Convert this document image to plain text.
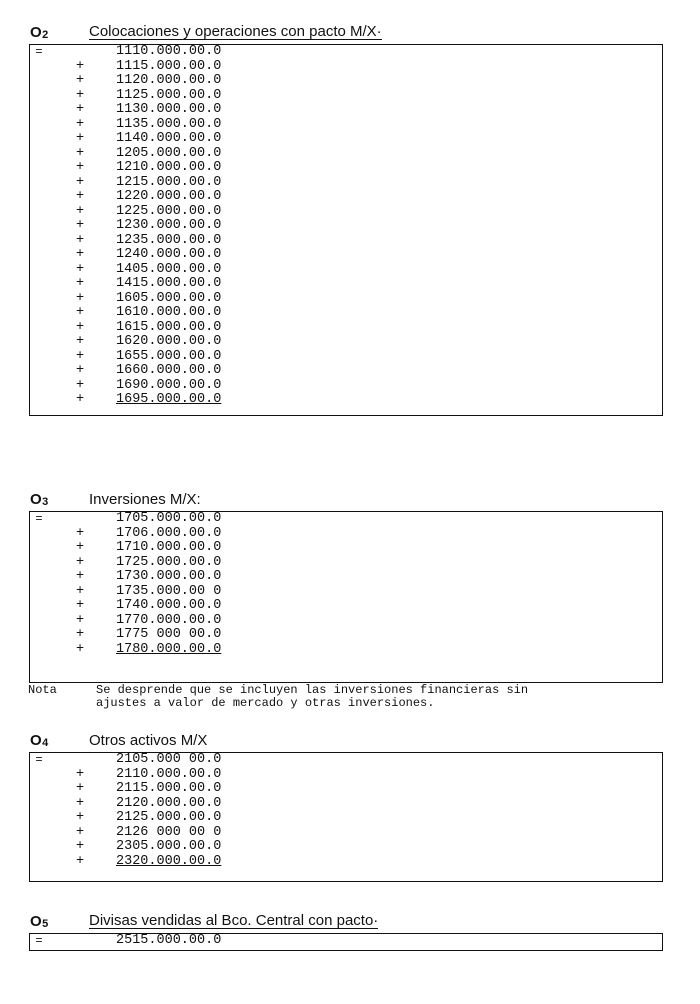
O2	Colocaciones y operaciones con pacto M/X·
=	1110.000.00.0
+ 1115.000.00.0
+ 1120.000.00.0
+ 1125.000.00.0
+ 1130.000.00.0
+ 1135.000.00.0
+ 1140.000.00.0
+ 1205.000.00.0
+ 1210.000.00.0
+ 1215.000.00.0
+ 1220.000.00.0
+ 1225.000.00.0
+ 1230.000.00.0
+ 1235.000.00.0
+ 1240.000.00.0
+ 1405.000.00.0
+ 1415.000.00.0
+ 1605.000.00.0
+ 1610.000.00.0
+ 1615.000.00.0
+ 1620.000.00.0
+ 1655.000.00.0
+ 1660.000.00.0
+ 1690.000.00.0
+ 1695.000.00.0
O3	Inversiones M/X:
=	1705.000.00.0
+ 1706.000.00.0
+ 1710.000.00.0
+ 1725.000.00.0
+ 1730.000.00.0
+ 1735.000.00 0
+ 1740.000.00.0
+ 1770.000.00.0
+ 1775 000 00.0
+ 1780.000.00.0
Nota	Se desprende que se incluyen las inversiones financieras sin
ajustes a valor de mercado y otras inversiones.
O4	Otros activos M/X
=	2105.000 00.0
+ 2110.000.00.0
+ 2115.000.00.0
+ 2120.000.00.0
+ 2125.000.00.0
+ 2126 000 00 0
+ 2305.000.00.0
+ 2320.000.00.0
O5	Divisas vendidas al Bco. Central con pacto·
=	2515.000.00.0
